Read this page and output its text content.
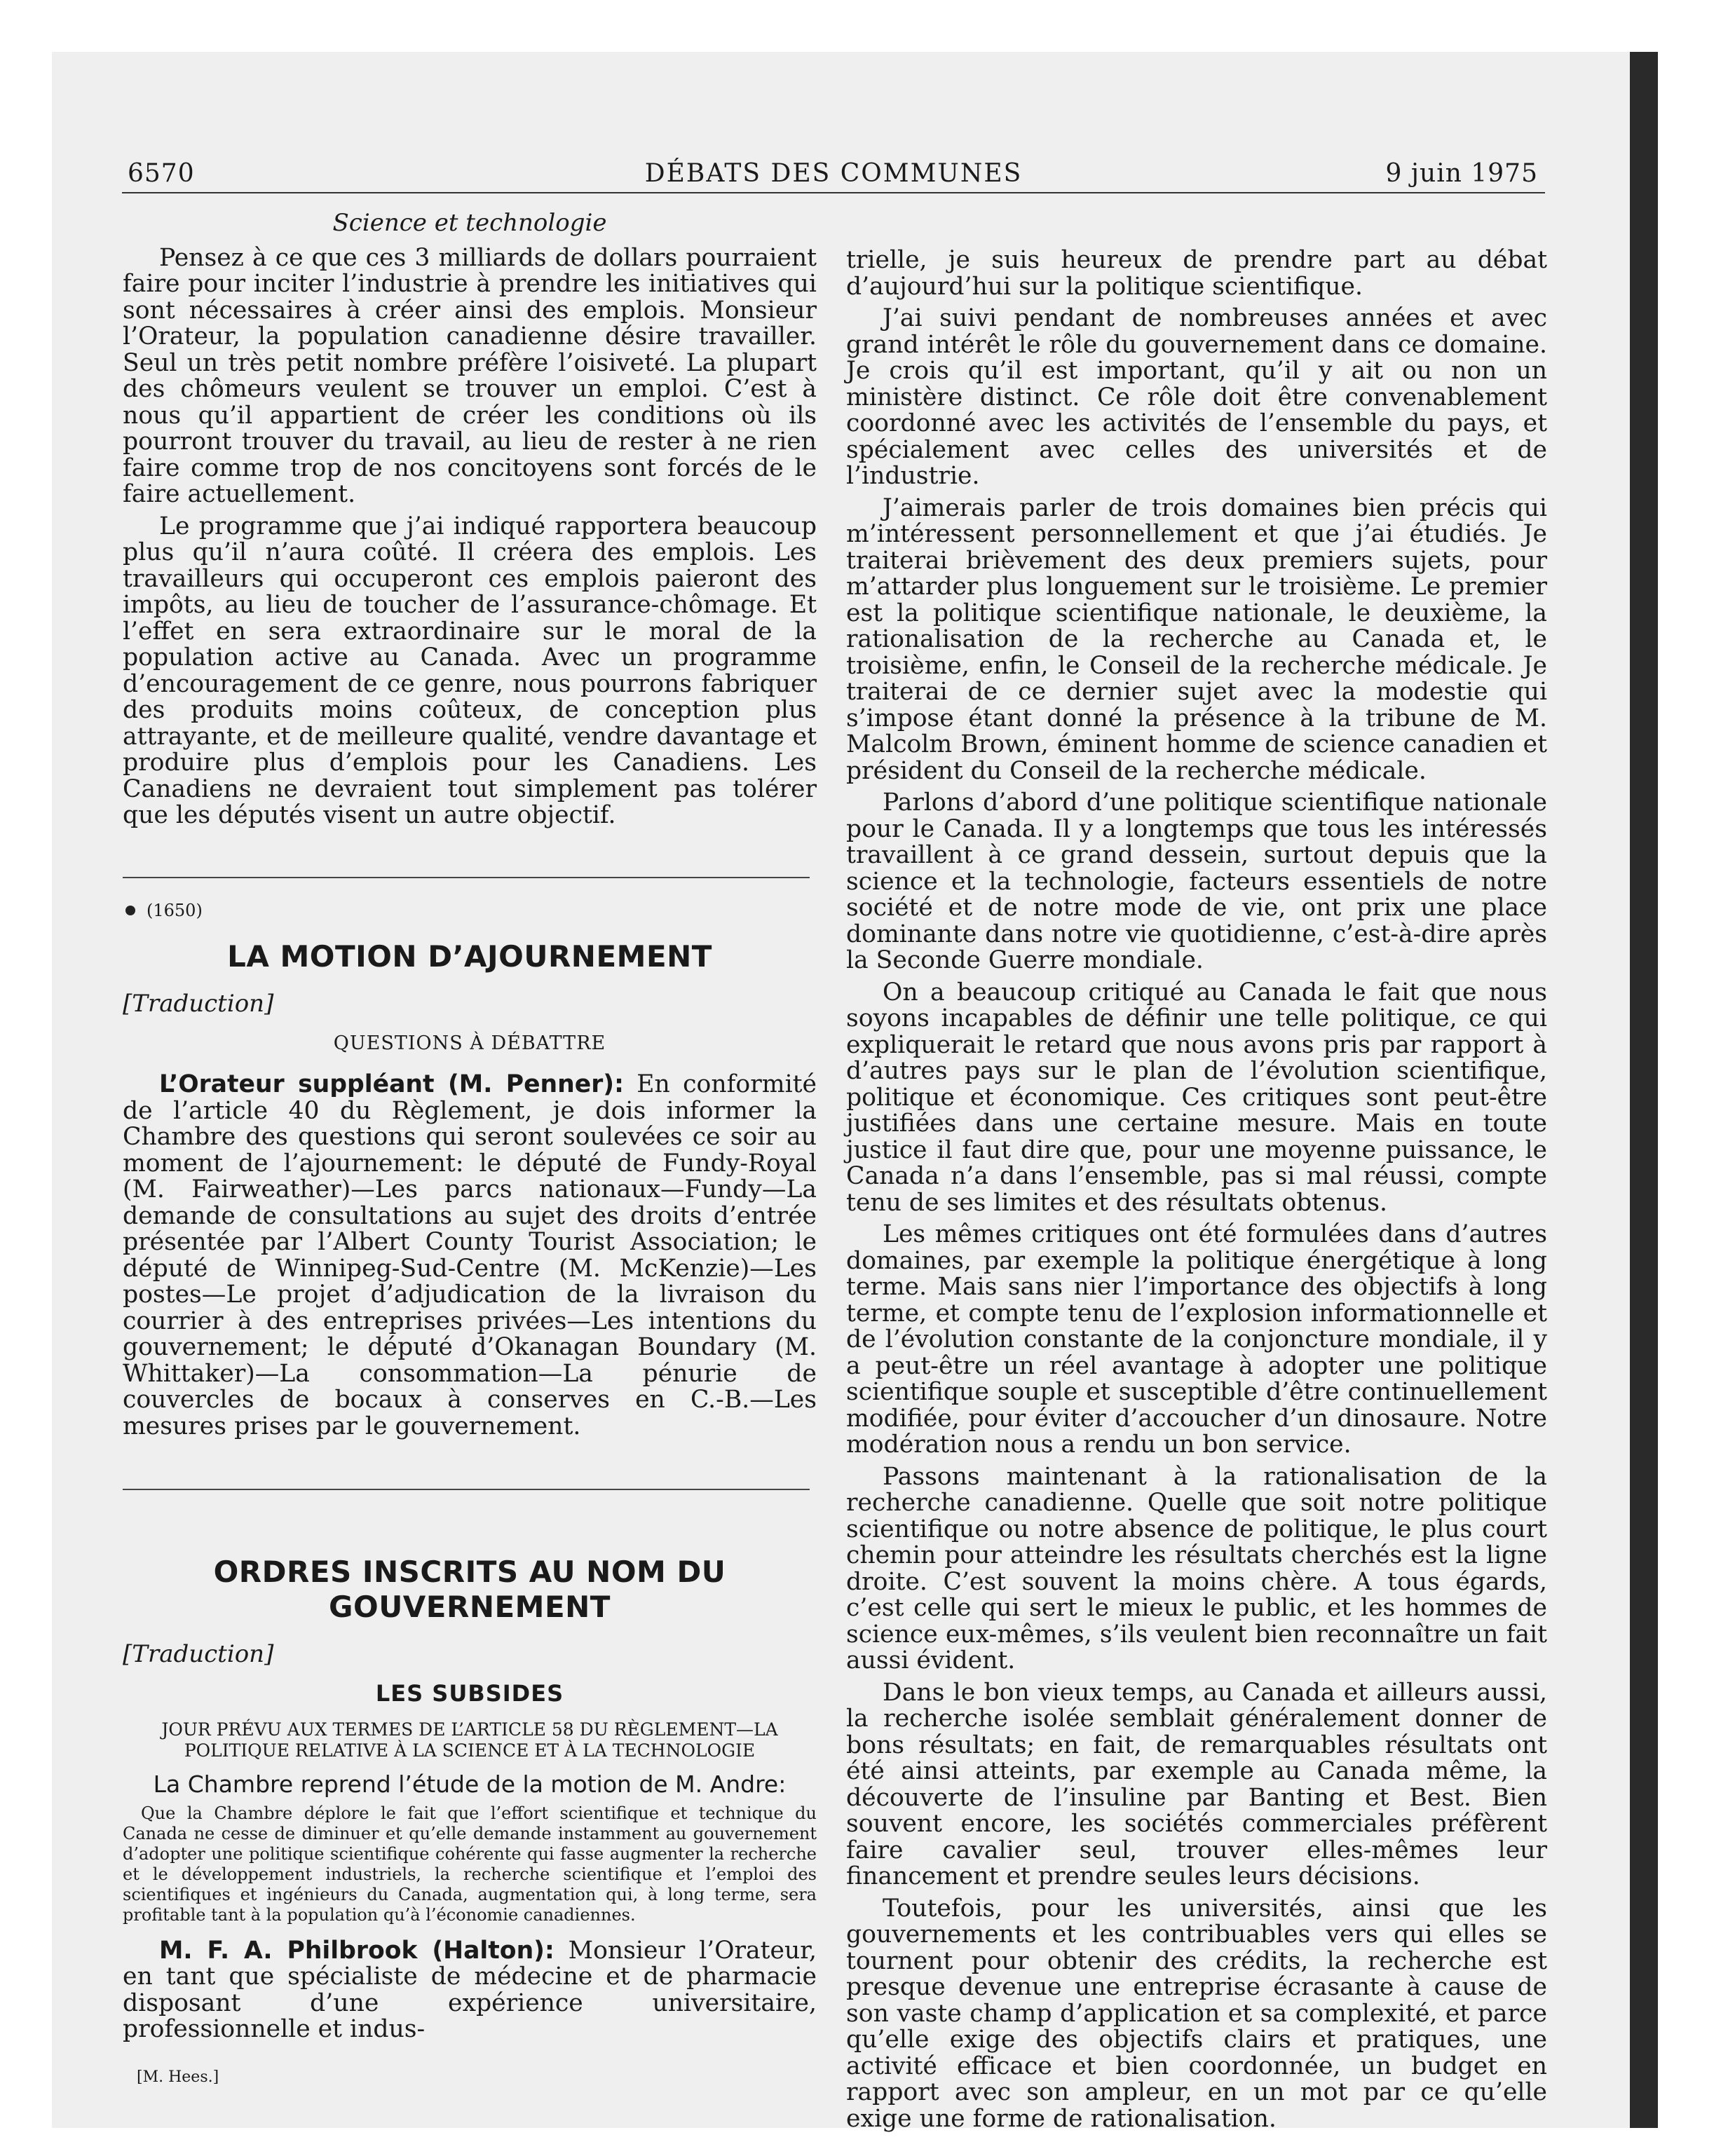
6570	DÉBATS DES COMMUNES	9 juin 1975
Science et technologie

Pensez à ce que ces 3 milliards de dollars pourraient faire pour inciter l’industrie à prendre les initiatives qui sont nécessaires à créer ainsi des emplois. Monsieur l’Orateur, la population canadienne désire travailler. Seul un très petit nombre préfère l’oisiveté. La plupart des chômeurs veulent se trouver un emploi. C’est à nous qu’il appartient de créer les conditions où ils pourront trouver du travail, au lieu de rester à ne rien faire comme trop de nos concitoyens sont forcés de le faire actuellement.

Le programme que j’ai indiqué rapportera beaucoup plus qu’il n’aura coûté. Il créera des emplois. Les travailleurs qui occuperont ces emplois paieront des impôts, au lieu de toucher de l’assurance-chômage. Et l’effet en sera extraordinaire sur le moral de la population active au Canada. Avec un programme d’encouragement de ce genre, nous pourrons fabriquer des produits moins coûteux, de conception plus attrayante, et de meilleure qualité, vendre davantage et produire plus d’emplois pour les Canadiens. Les Canadiens ne devraient tout simplement pas tolérer que les députés visent un autre objectif.

(1650)
LA MOTION D’AJOURNEMENT
[Traduction]
QUESTIONS À DÉBATTRE

L’Orateur suppléant (M. Penner): En conformité de l’article 40 du Règlement, je dois informer la Chambre des questions qui seront soulevées ce soir au moment de l’ajournement: le député de Fundy-Royal (M. Fairweather)—Les parcs nationaux—Fundy—La demande de consultations au sujet des droits d’entrée présentée par l’Albert County Tourist Association; le député de Winnipeg-Sud-Centre (M. McKenzie)—Les postes—Le projet d’adjudication de la livraison du courrier à des entreprises privées—Les intentions du gouvernement; le député d’Okanagan Boundary (M. Whittaker)—La consommation—La pénurie de couvercles de bocaux à conserves en C.-B.—Les mesures prises par le gouvernement.

ORDRES INSCRITS AU NOM DU GOUVERNEMENT
[Traduction]
LES SUBSIDES
JOUR PRÉVU AUX TERMES DE L’ARTICLE 58 DU RÈGLEMENT—LA POLITIQUE RELATIVE À LA SCIENCE ET À LA TECHNOLOGIE
La Chambre reprend l’étude de la motion de M. Andre:
Que la Chambre déplore le fait que l’effort scientifique et technique du Canada ne cesse de diminuer et qu’elle demande instamment au gouvernement d’adopter une politique scientifique cohérente qui fasse augmenter la recherche et le développement industriels, la recherche scientifique et l’emploi des scientifiques et ingénieurs du Canada, augmentation qui, à long terme, sera profitable tant à la population qu’à l’économie canadiennes.

M. F. A. Philbrook (Halton): Monsieur l’Orateur, en tant que spécialiste de médecine et de pharmacie disposant d’une expérience universitaire, professionnelle et indus-

[M. Hees.]

trielle, je suis heureux de prendre part au débat d’aujourd’hui sur la politique scientifique.

J’ai suivi pendant de nombreuses années et avec grand intérêt le rôle du gouvernement dans ce domaine. Je crois qu’il est important, qu’il y ait ou non un ministère distinct. Ce rôle doit être convenablement coordonné avec les activités de l’ensemble du pays, et spécialement avec celles des universités et de l’industrie.

J’aimerais parler de trois domaines bien précis qui m’intéressent personnellement et que j’ai étudiés. Je traiterai brièvement des deux premiers sujets, pour m’attarder plus longuement sur le troisième. Le premier est la politique scientifique nationale, le deuxième, la rationalisation de la recherche au Canada et, le troisième, enfin, le Conseil de la recherche médicale. Je traiterai de ce dernier sujet avec la modestie qui s’impose étant donné la présence à la tribune de M. Malcolm Brown, éminent homme de science canadien et président du Conseil de la recherche médicale.

Parlons d’abord d’une politique scientifique nationale pour le Canada. Il y a longtemps que tous les intéressés travaillent à ce grand dessein, surtout depuis que la science et la technologie, facteurs essentiels de notre société et de notre mode de vie, ont prix une place dominante dans notre vie quotidienne, c’est-à-dire après la Seconde Guerre mondiale.

On a beaucoup critiqué au Canada le fait que nous soyons incapables de définir une telle politique, ce qui expliquerait le retard que nous avons pris par rapport à d’autres pays sur le plan de l’évolution scientifique, politique et économique. Ces critiques sont peut-être justifiées dans une certaine mesure. Mais en toute justice il faut dire que, pour une moyenne puissance, le Canada n’a dans l’ensemble, pas si mal réussi, compte tenu de ses limites et des résultats obtenus.

Les mêmes critiques ont été formulées dans d’autres domaines, par exemple la politique énergétique à long terme. Mais sans nier l’importance des objectifs à long terme, et compte tenu de l’explosion informationnelle et de l’évolution constante de la conjoncture mondiale, il y a peut-être un réel avantage à adopter une politique scientifique souple et susceptible d’être continuellement modifiée, pour éviter d’accoucher d’un dinosaure. Notre modération nous a rendu un bon service.

Passons maintenant à la rationalisation de la recherche canadienne. Quelle que soit notre politique scientifique ou notre absence de politique, le plus court chemin pour atteindre les résultats cherchés est la ligne droite. C’est souvent la moins chère. A tous égards, c’est celle qui sert le mieux le public, et les hommes de science eux-mêmes, s’ils veulent bien reconnaître un fait aussi évident.

Dans le bon vieux temps, au Canada et ailleurs aussi, la recherche isolée semblait généralement donner de bons résultats; en fait, de remarquables résultats ont été ainsi atteints, par exemple au Canada même, la découverte de l’insuline par Banting et Best. Bien souvent encore, les sociétés commerciales préfèrent faire cavalier seul, trouver elles-mêmes leur financement et prendre seules leurs décisions.

Toutefois, pour les universités, ainsi que les gouvernements et les contribuables vers qui elles se tournent pour obtenir des crédits, la recherche est presque devenue une entreprise écrasante à cause de son vaste champ d’application et sa complexité, et parce qu’elle exige des objectifs clairs et pratiques, une activité efficace et bien coordonnée, un budget en rapport avec son ampleur, en un mot par ce qu’elle exige une forme de rationalisation.
